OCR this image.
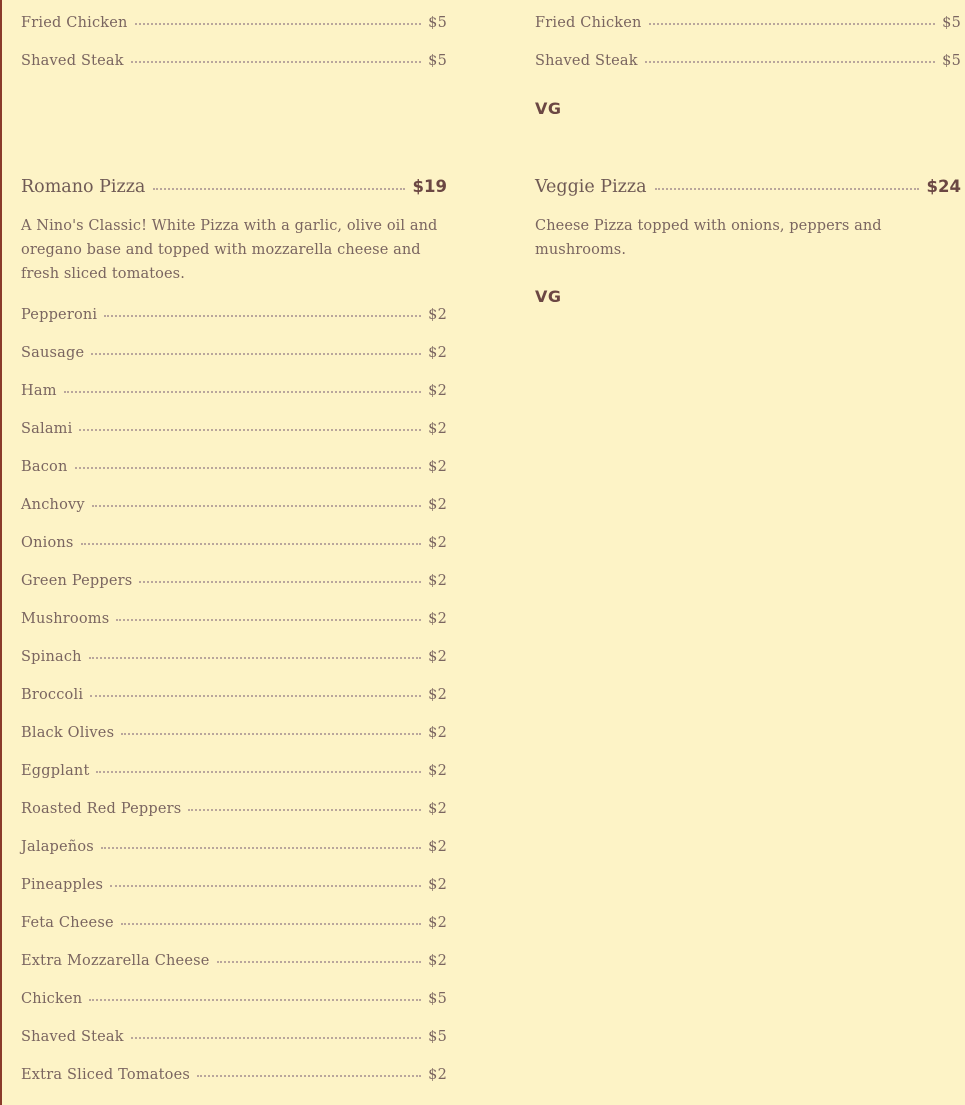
Fried Chicken	$5
Shaved Steak	$5
Romano Pizza	$19
A Nino's Classic! White Pizza with a garlic, olive oil and oregano base and topped with mozzarella cheese and fresh sliced tomatoes.
Pepperoni	$2
Sausage	$2
Ham	$2
Salami	$2
Bacon	$2
Anchovy	$2
Onions	$2
Green Peppers	$2
Mushrooms	$2
Spinach	$2
Broccoli	$2
Black Olives	$2
Eggplant	$2
Roasted Red Peppers	$2
Jalapeños	$2
Pineapples	$2
Feta Cheese	$2
Extra Mozzarella Cheese	$2
Chicken	$5
Shaved Steak	$5
Extra Sliced Tomatoes	$2
Fried Chicken	$5
Shaved Steak	$5
VG
Veggie Pizza	$24
Cheese Pizza topped with onions, peppers and mushrooms.
VG
